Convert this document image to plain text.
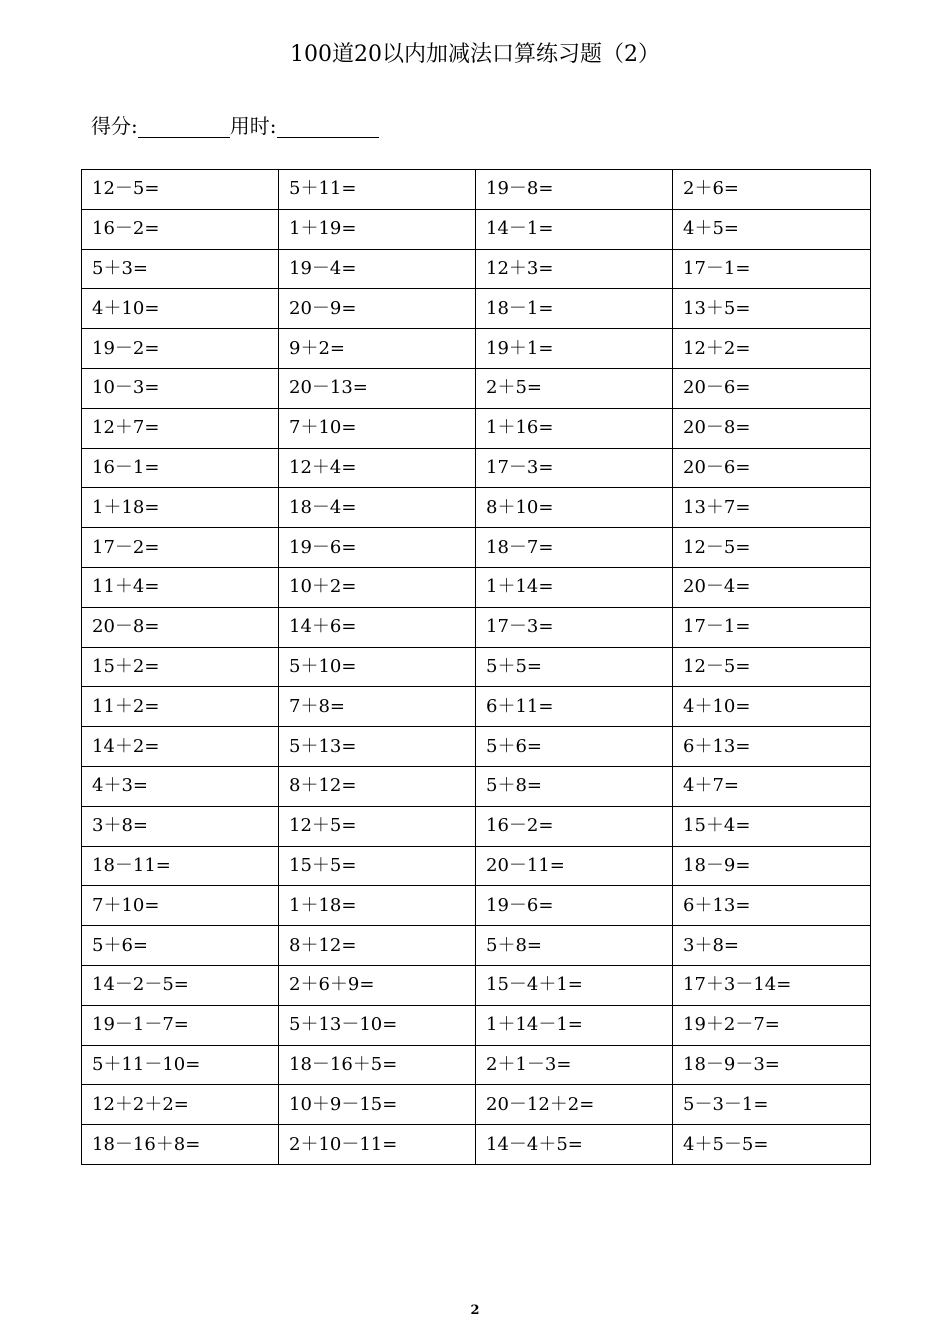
100道20以内加减法口算练习题（2）
得分:	用时:
12－5=	5＋11=	19－8=	2＋6=
16－2=	1＋19=	14－1=	4＋5=
5＋3=	19－4=	12＋3=	17－1=
4＋10=	20－9=	18－1=	13＋5=
19－2=	9＋2=	19＋1=	12＋2=
10－3=	20－13=	2＋5=	20－6=
12＋7=	7＋10=	1＋16=	20－8=
16－1=	12＋4=	17－3=	20－6=
1＋18=	18－4=	8＋10=	13＋7=
17－2=	19－6=	18－7=	12－5=
11＋4=	10＋2=	1＋14=	20－4=
20－8=	14＋6=	17－3=	17－1=
15＋2=	5＋10=	5＋5=	12－5=
11＋2=	7＋8=	6＋11=	4＋10=
14＋2=	5＋13=	5＋6=	6＋13=
4＋3=	8＋12=	5＋8=	4＋7=
3＋8=	12＋5=	16－2=	15＋4=
18－11=	15＋5=	20－11=	18－9=
7＋10=	1＋18=	19－6=	6＋13=
5＋6=	8＋12=	5＋8=	3＋8=
14－2－5=	2＋6＋9=	15－4＋1=	17＋3－14=
19－1－7=	5＋13－10=	1＋14－1=	19＋2－7=
5＋11－10=	18－16＋5=	2＋1－3=	18－9－3=
12＋2＋2=	10＋9－15=	20－12＋2=	5－3－1=
18－16＋8=	2＋10－11=	14－4＋5=	4＋5－5=
2
